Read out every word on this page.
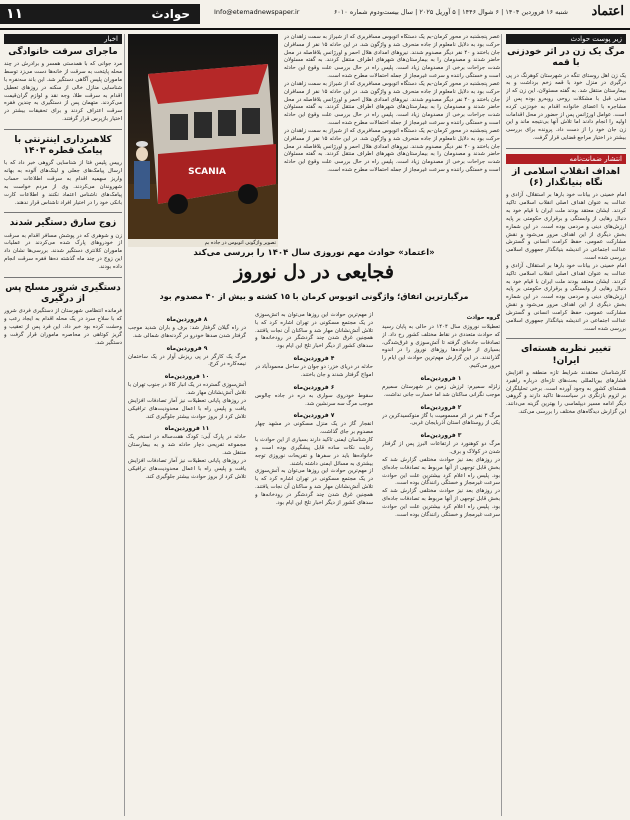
اعتماد
شنبه ۱۶ فروردین ۱۴۰۴ | ۶ شوال ۱۴۴۶ | ۵ آوریل ۲۰۲۵ | سال بیست‌ودوم شماره ۶۰۱۰
Info@etemadnewspaper.ir
۱۱	حوادث
زیر پوست حوادث
مرگ یک زن در اثر خودزنی با قمه
یک زن اهل روستای تنگه در شهرستان کوهرنگ در پی درگیری در منزل خود با قمه زخم برداشت و به بیمارستان منتقل شد. به گفته مسئولان، این زن که از مدتی قبل با مشکلات روحی روبه‌رو بوده پس از مشاجره با اعضای خانواده اقدام به خودزنی کرده است. عوامل اورژانس پس از حضور در محل اقدامات اولیه را انجام دادند اما تلاش آنها بی‌نتیجه ماند و این زن جان خود را از دست داد. پرونده برای بررسی بیشتر در اختیار مراجع قضایی قرار گرفت.
انتشار ضمانت‌نامه
اهداف انقلاب اسلامی از نگاه بنیانگذار (۶)
امام خمینی در بیانات خود بارها بر استقلال، آزادی و عدالت به عنوان اهداف اصلی انقلاب اسلامی تاکید کردند. ایشان معتقد بودند ملت ایران با قیام خود به دنبال رهایی از وابستگی و برقراری حکومتی بر پایه ارزش‌های دینی و مردمی بوده است. در این شماره بخش دیگری از این اهداف مرور می‌شود و نقش مشارکت عمومی، حفظ کرامت انسانی و گسترش عدالت اجتماعی در اندیشه بنیانگذار جمهوری اسلامی بررسی شده است.
امام خمینی در بیانات خود بارها بر استقلال، آزادی و عدالت به عنوان اهداف اصلی انقلاب اسلامی تاکید کردند. ایشان معتقد بودند ملت ایران با قیام خود به دنبال رهایی از وابستگی و برقراری حکومتی بر پایه ارزش‌های دینی و مردمی بوده است. در این شماره بخش دیگری از این اهداف مرور می‌شود و نقش مشارکت عمومی، حفظ کرامت انسانی و گسترش عدالت اجتماعی در اندیشه بنیانگذار جمهوری اسلامی بررسی شده است.
تغییر نظریه هسته‌ای ایران!
کارشناسان معتقدند شرایط تازه منطقه و افزایش فشارهای بین‌المللی بحث‌های تازه‌ای درباره راهبرد هسته‌ای کشور به وجود آورده است. برخی تحلیلگران بر لزوم بازنگری در سیاست‌ها تاکید دارند و گروهی دیگر ادامه مسیر دیپلماسی را بهترین گزینه می‌دانند. این گزارش دیدگاه‌های مختلف را بررسی می‌کند.
اخبار
ماجرای سرقت خانوادگی
مرد جوانی که با همدستی همسر و برادرش در چند محله پایتخت به سرقت از خانه‌ها دست می‌زد توسط ماموران پلیس آگاهی دستگیر شد. این باند سه‌نفره با شناسایی منازل خالی از سکنه در روزهای تعطیل اقدام به سرقت طلا، وجه نقد و لوازم گران‌قیمت می‌کردند. متهمان پس از دستگیری به چندین فقره سرقت اعتراف کردند و برای تحقیقات بیشتر در اختیار بازپرس قرار گرفتند.
کلاهبرداری اینترنتی با پیامک قطره ۱۴۰۳
رییس پلیس فتا از شناسایی گروهی خبر داد که با ارسال پیامک‌های جعلی و لینک‌های آلوده به بهانه واریز سهمیه اقدام به سرقت اطلاعات حساب شهروندان می‌کردند. وی از مردم خواست به پیامک‌های ناشناس اعتماد نکنند و اطلاعات کارت بانکی خود را در اختیار افراد ناشناس قرار ندهند.
زوج سارق دستگیر شدند
زن و شوهری که در پوشش مسافر اقدام به سرقت از خودروهای پارک شده می‌کردند در عملیات ماموران کلانتری دستگیر شدند. بررسی‌ها نشان داد این زوج در چند ماه گذشته ده‌ها فقره سرقت انجام داده بودند.
دستگیری شرور مسلح پس از درگیری
فرمانده انتظامی شهرستان از دستگیری فردی شرور که با سلاح سرد در یک محله اقدام به ایجاد رعب و وحشت کرده بود خبر داد. این فرد پس از تعقیب و گریز کوتاهی در محاصره ماموران قرار گرفت و دستگیر شد.
SCANIA
تصویر واژگونی اتوبوس در جاده بم
عصر پنجشنبه در محور کرمان-بم یک دستگاه اتوبوس مسافربری که از شیراز به سمت زاهدان در حرکت بود به دلایل نامعلوم از جاده منحرف شد و واژگون شد. در این حادثه ۱۵ نفر از مسافران جان باختند و ۴۰ نفر دیگر مصدوم شدند. نیروهای امدادی هلال احمر و اورژانس بلافاصله در محل حاضر شدند و مصدومان را به بیمارستان‌های شهرهای اطراف منتقل کردند. به گفته مسئولان شدت جراحات برخی از مصدومان زیاد است. پلیس راه در حال بررسی علت وقوع این حادثه است و خستگی راننده و سرعت غیرمجاز از جمله احتمالات مطرح شده است.
عصر پنجشنبه در محور کرمان-بم یک دستگاه اتوبوس مسافربری که از شیراز به سمت زاهدان در حرکت بود به دلایل نامعلوم از جاده منحرف شد و واژگون شد. در این حادثه ۱۵ نفر از مسافران جان باختند و ۴۰ نفر دیگر مصدوم شدند. نیروهای امدادی هلال احمر و اورژانس بلافاصله در محل حاضر شدند و مصدومان را به بیمارستان‌های شهرهای اطراف منتقل کردند. به گفته مسئولان شدت جراحات برخی از مصدومان زیاد است. پلیس راه در حال بررسی علت وقوع این حادثه است و خستگی راننده و سرعت غیرمجاز از جمله احتمالات مطرح شده است.
عصر پنجشنبه در محور کرمان-بم یک دستگاه اتوبوس مسافربری که از شیراز به سمت زاهدان در حرکت بود به دلایل نامعلوم از جاده منحرف شد و واژگون شد. در این حادثه ۱۵ نفر از مسافران جان باختند و ۴۰ نفر دیگر مصدوم شدند. نیروهای امدادی هلال احمر و اورژانس بلافاصله در محل حاضر شدند و مصدومان را به بیمارستان‌های شهرهای اطراف منتقل کردند. به گفته مسئولان شدت جراحات برخی از مصدومان زیاد است. پلیس راه در حال بررسی علت وقوع این حادثه است و خستگی راننده و سرعت غیرمجاز از جمله احتمالات مطرح شده است.
«اعتماد» حوادث مهم نوروزی سال ۱۴۰۴ را بررسی می‌کند
فجایعی در دل نوروز
مرگبارترین اتفاق؛ واژگونی اتوبوس کرمان با ۱۵ کشته و بیش از ۴۰ مصدوم بود
گروه حوادث
تعطیلات نوروزی سال ۱۴۰۴ در حالی به پایان رسید که حوادث متعددی در نقاط مختلف کشور رخ داد. از تصادفات جاده‌ای گرفته تا آتش‌سوزی و غرق‌شدگی، بسیاری از خانواده‌ها روزهای نوروز را در اندوه گذراندند. در این گزارش مهم‌ترین حوادث این ایام را مرور می‌کنیم.
۱ فروردین‌ماه
زلزله سمیرم: لرزش زمین در شهرستان سمیرم موجب نگرانی ساکنان شد اما خسارت جانی نداشت.
۲ فروردین‌ماه
مرگ ۳ نفر در اثر مسمومیت با گاز منوکسیدکربن در یکی از روستاهای استان آذربایجان غربی.
۳ فروردین‌ماه
مرگ دو کوهنورد در ارتفاعات البرز پس از گرفتار شدن در کولاک و برف.
در روزهای بعد نیز حوادث مختلفی گزارش شد که بخش قابل توجهی از آنها مربوط به تصادفات جاده‌ای بود. پلیس راه اعلام کرد بیشترین علت این حوادث سرعت غیرمجاز و خستگی رانندگان بوده است.
در روزهای بعد نیز حوادث مختلفی گزارش شد که بخش قابل توجهی از آنها مربوط به تصادفات جاده‌ای بود. پلیس راه اعلام کرد بیشترین علت این حوادث سرعت غیرمجاز و خستگی رانندگان بوده است.
از مهم‌ترین حوادث این روزها می‌توان به آتش‌سوزی در یک مجتمع مسکونی در تهران اشاره کرد که با تلاش آتش‌نشانان مهار شد و ساکنان آن نجات یافتند. همچنین غرق شدن چند گردشگر در رودخانه‌ها و سدهای کشور از دیگر اخبار تلخ این ایام بود.
۴ فروردین‌ماه
حادثه در دریای خزر: دو جوان در ساحل محمودآباد در امواج گرفتار شدند و جان باختند.
۶ فروردین‌ماه
سقوط خودروی سواری به دره در جاده چالوس موجب مرگ سه سرنشین شد.
۷ فروردین‌ماه
انفجار گاز در یک منزل مسکونی در مشهد چهار مصدوم بر جای گذاشت.
کارشناسان ایمنی تاکید دارند بسیاری از این حوادث با رعایت نکات ساده قابل پیشگیری بوده است و خانواده‌ها باید در سفرها و تفریحات نوروزی توجه بیشتری به مسائل ایمنی داشته باشند.
از مهم‌ترین حوادث این روزها می‌توان به آتش‌سوزی در یک مجتمع مسکونی در تهران اشاره کرد که با تلاش آتش‌نشانان مهار شد و ساکنان آن نجات یافتند. همچنین غرق شدن چند گردشگر در رودخانه‌ها و سدهای کشور از دیگر اخبار تلخ این ایام بود.
۸ فروردین‌ماه
در راه گیلان گرفتار شد: برف و باران شدید موجب گرفتار شدن صدها خودرو در گردنه‌های شمالی شد.
۹ فروردین‌ماه
مرگ یک کارگر در پی ریزش آوار در یک ساختمان نیمه‌کاره در کرج.
۱۰ فروردین‌ماه
آتش‌سوزی گسترده در یک انبار کالا در جنوب تهران با تلاش آتش‌نشانان مهار شد.
در روزهای پایانی تعطیلات نیز آمار تصادفات افزایش یافت و پلیس راه با اعمال محدودیت‌های ترافیکی تلاش کرد از بروز حوادث بیشتر جلوگیری کند.
۱۱ فروردین‌ماه
حادثه در پارک آبی: کودک هفت‌ساله در استخر یک مجموعه تفریحی دچار حادثه شد و به بیمارستان منتقل شد.
در روزهای پایانی تعطیلات نیز آمار تصادفات افزایش یافت و پلیس راه با اعمال محدودیت‌های ترافیکی تلاش کرد از بروز حوادث بیشتر جلوگیری کند.
